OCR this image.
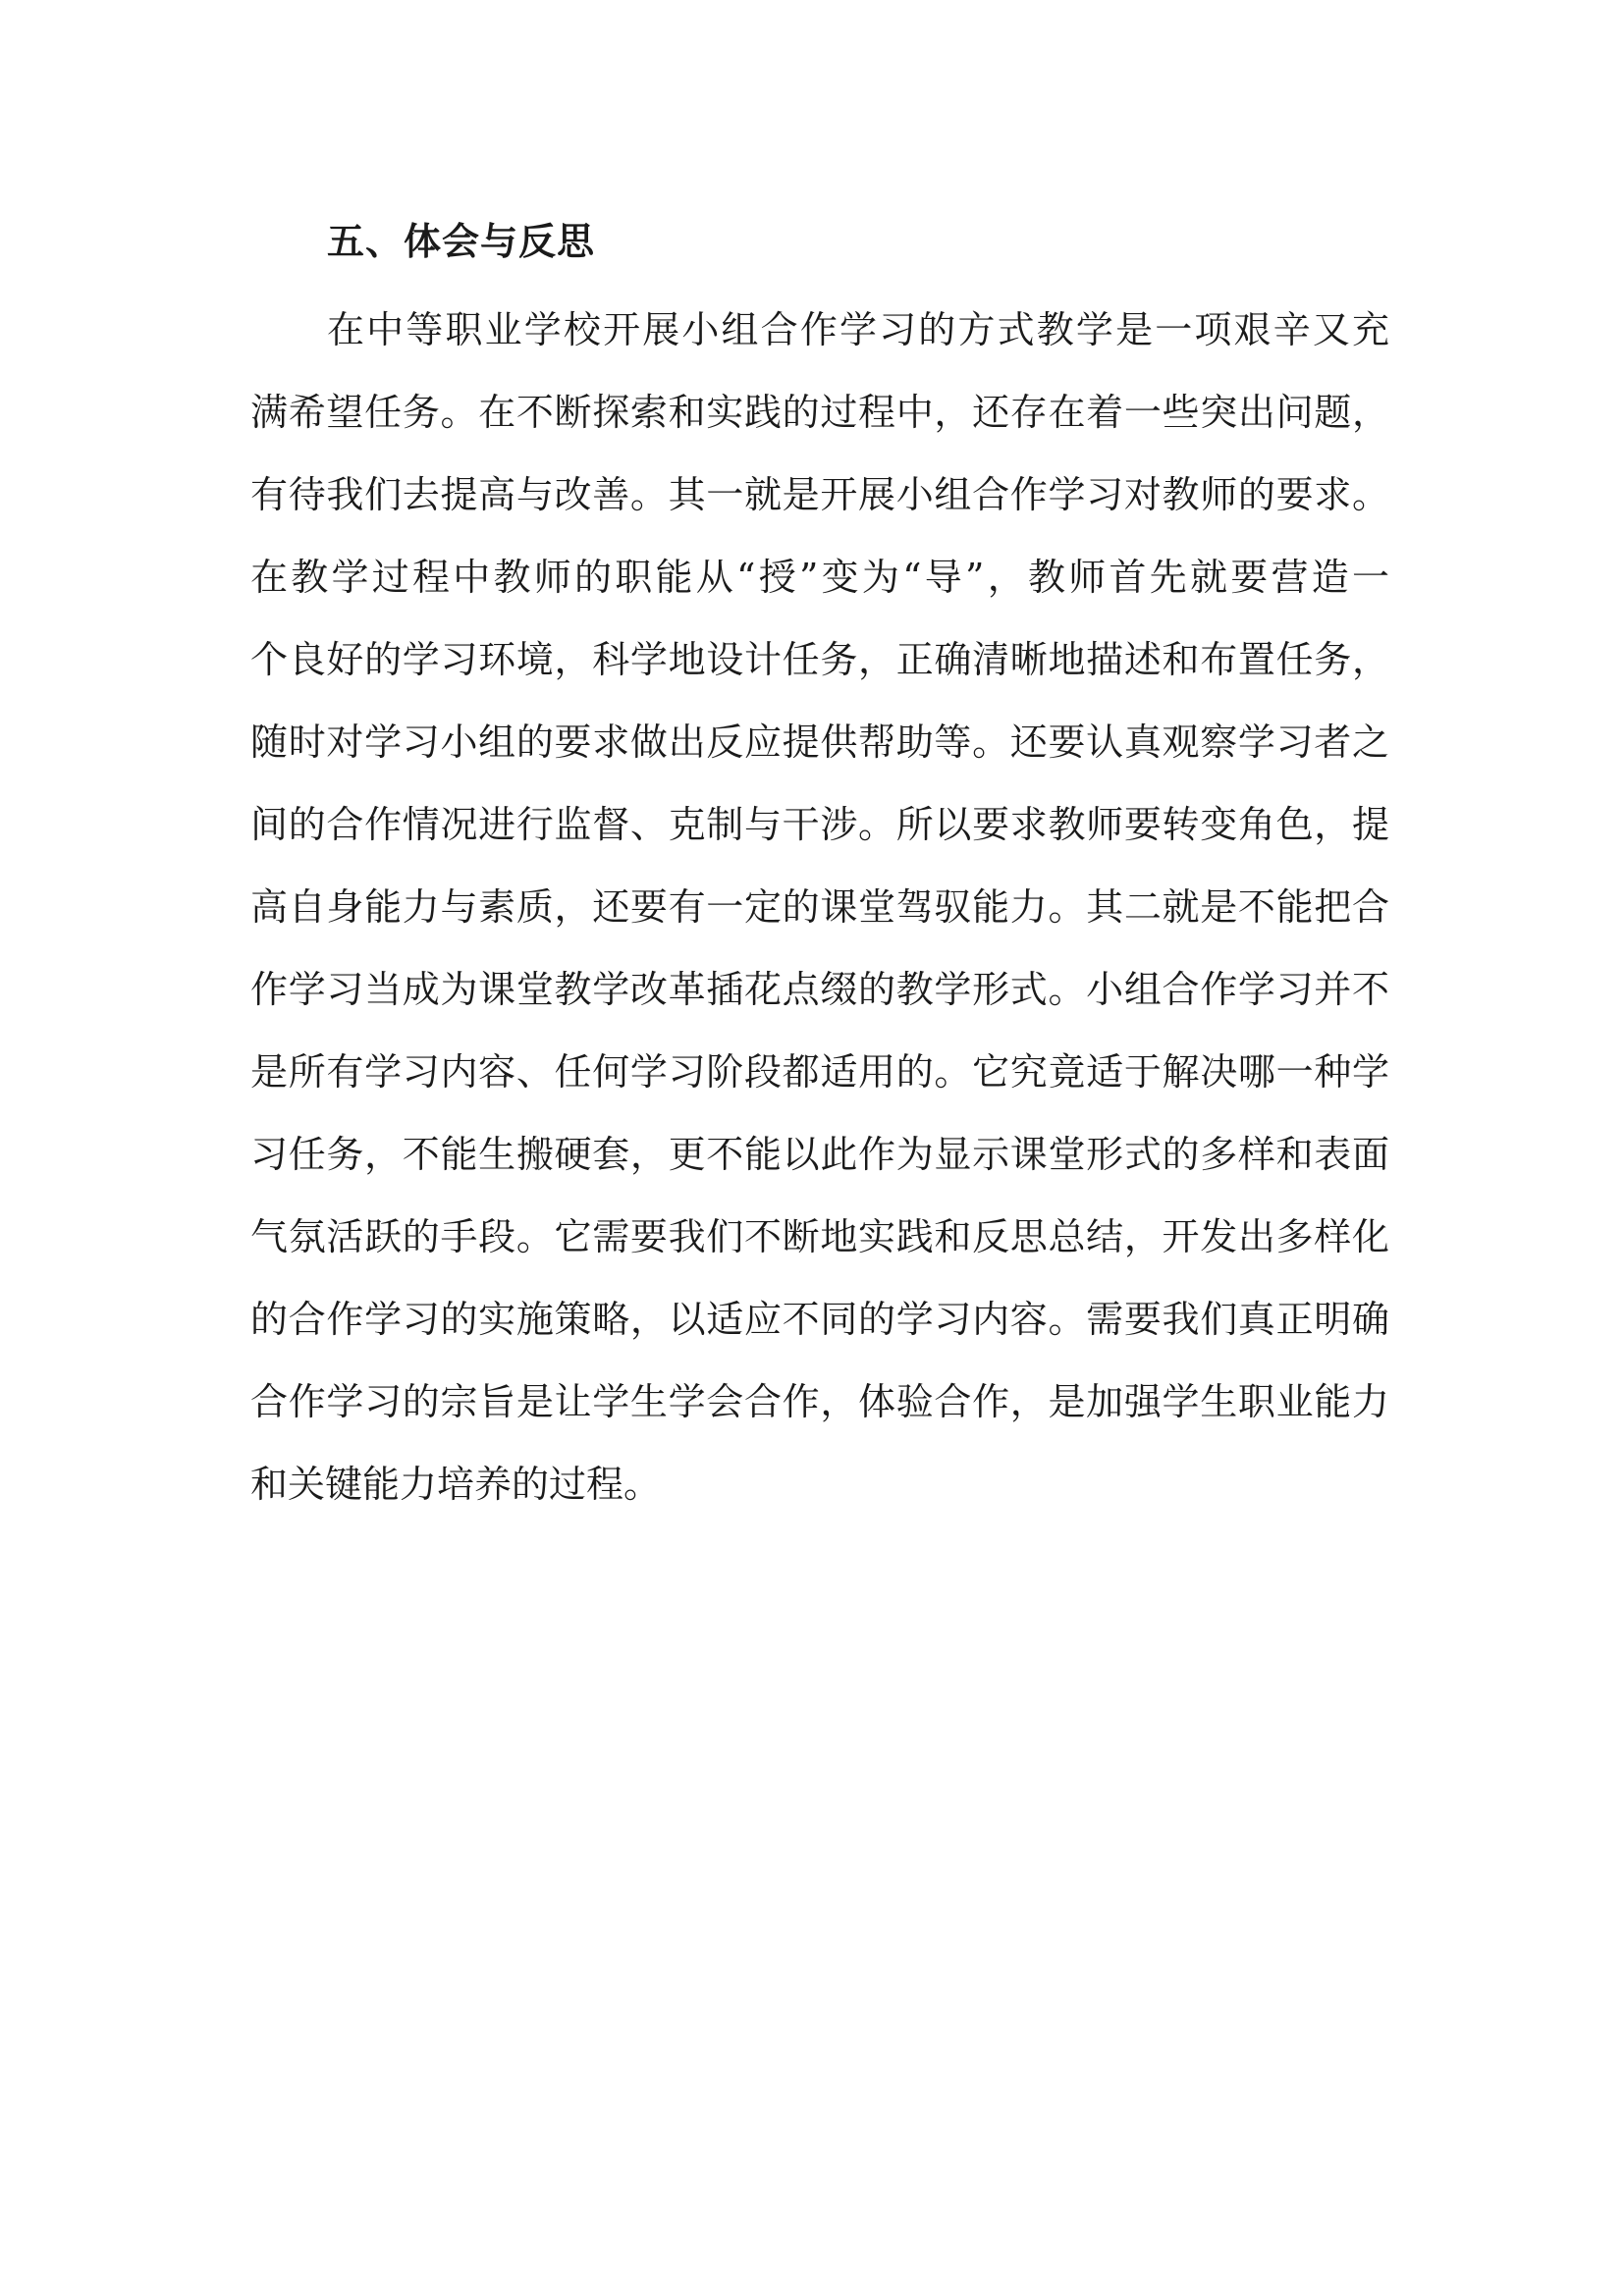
五、体会与反思
在中等职业学校开展小组合作学习的方式教学是一项艰辛又充
满希望任务。在不断探索和实践的过程中，还存在着一些突出问题，
有待我们去提高与改善。其一就是开展小组合作学习对教师的要求。
在教学过程中教师的职能从“授”变为“导”，教师首先就要营造一
个良好的学习环境，科学地设计任务，正确清晰地描述和布置任务，
随时对学习小组的要求做出反应提供帮助等。还要认真观察学习者之
间的合作情况进行监督、克制与干涉。所以要求教师要转变角色，提
高自身能力与素质，还要有一定的课堂驾驭能力。其二就是不能把合
作学习当成为课堂教学改革插花点缀的教学形式。小组合作学习并不
是所有学习内容、任何学习阶段都适用的。它究竟适于解决哪一种学
习任务，不能生搬硬套，更不能以此作为显示课堂形式的多样和表面
气氛活跃的手段。它需要我们不断地实践和反思总结，开发出多样化
的合作学习的实施策略，以适应不同的学习内容。需要我们真正明确
合作学习的宗旨是让学生学会合作，体验合作，是加强学生职业能力
和关键能力培养的过程。
